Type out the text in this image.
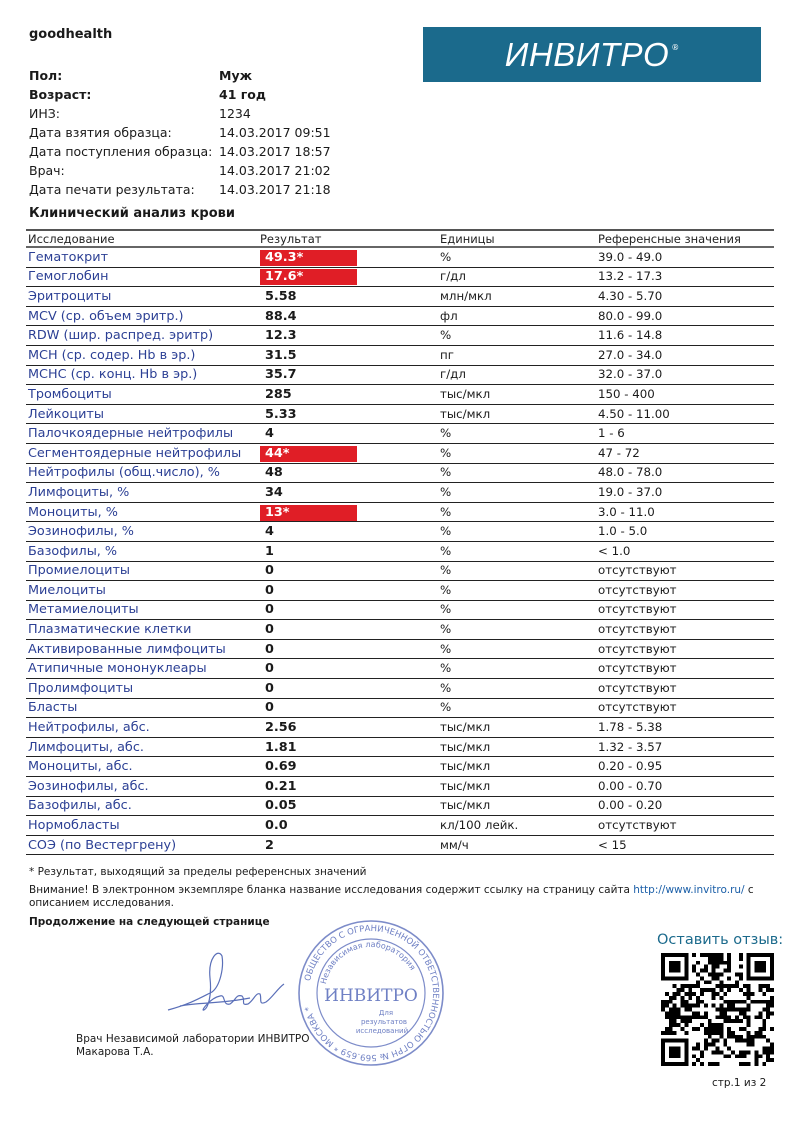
goodhealth
ИНВИТРО ®
Пол:	Муж
Возраст:	41 год
ИНЗ:	1234
Дата взятия образца:	14.03.2017 09:51
Дата поступления образца: 14.03.2017 18:57
Врач:	14.03.2017 21:02
Дата печати результата:	14.03.2017 21:18
Клинический анализ крови
Исследование	Результат	Единицы	Референсные значения
Гематокрит	49.3*	%	39.0 - 49.0
Гемоглобин	17.6*	г/дл	13.2 - 17.3
Эритроциты	5.58	млн/мкл	4.30 - 5.70
MCV (ср. объем эритр.)	88.4	фл	80.0 - 99.0
RDW (шир. распред. эритр)	12.3	%	11.6 - 14.8
MCH (ср. содер. Hb в эр.)	31.5	пг	27.0 - 34.0
MCHC (ср. конц. Hb в эр.)	35.7	г/дл	32.0 - 37.0
Тромбоциты	285	тыс/мкл	150 - 400
Лейкоциты	5.33	тыс/мкл	4.50 - 11.00
Палочкоядерные нейтрофилы	4	%	1 - 6
Сегментоядерные нейтрофилы	44*	%	47 - 72
Нейтрофилы (общ.число), %	48	%	48.0 - 78.0
Лимфоциты, %	34	%	19.0 - 37.0
Моноциты, %	13*	%	3.0 - 11.0
Эозинофилы, %	4	%	1.0 - 5.0
Базофилы, %	1	%	< 1.0
Промиелоциты	0	%	отсутствуют
Миелоциты	0	%	отсутствуют
Метамиелоциты	0	%	отсутствуют
Плазматические клетки	0	%	отсутствуют
Активированные лимфоциты	0	%	отсутствуют
Атипичные мононуклеары	0	%	отсутствуют
Пролимфоциты	0	%	отсутствуют
Бласты	0	%	отсутствуют
Нейтрофилы, абс.	2.56	тыс/мкл	1.78 - 5.38
Лимфоциты, абс.	1.81	тыс/мкл	1.32 - 3.57
Моноциты, абс.	0.69	тыс/мкл	0.20 - 0.95
Эозинофилы, абс.	0.21	тыс/мкл	0.00 - 0.70
Базофилы, абс.	0.05	тыс/мкл	0.00 - 0.20
Нормобласты	0.0	кл/100 лейк.	отсутствуют
СОЭ (по Вестергрену)	2	мм/ч	< 15
* Результат, выходящий за пределы референсных значений
Внимание! В электронном экземпляре бланка название исследования содержит ссылку на страницу сайта http://www.invitro.ru/ с описанием исследования.
Продолжение на следующей странице
ОБЩЕСТВО С ОГРАНИЧЕННОЙ ОТВЕТСТВЕННОСТЬЮ ОГРН № 569.659 * МОСКВА *
Независимая лаборатория
ИНВИТРО
Для
результатов
исследований
Врач Независимой лаборатории ИНВИТРО
Макарова Т.А.
Оставить отзыв:
стр.1 из 2
